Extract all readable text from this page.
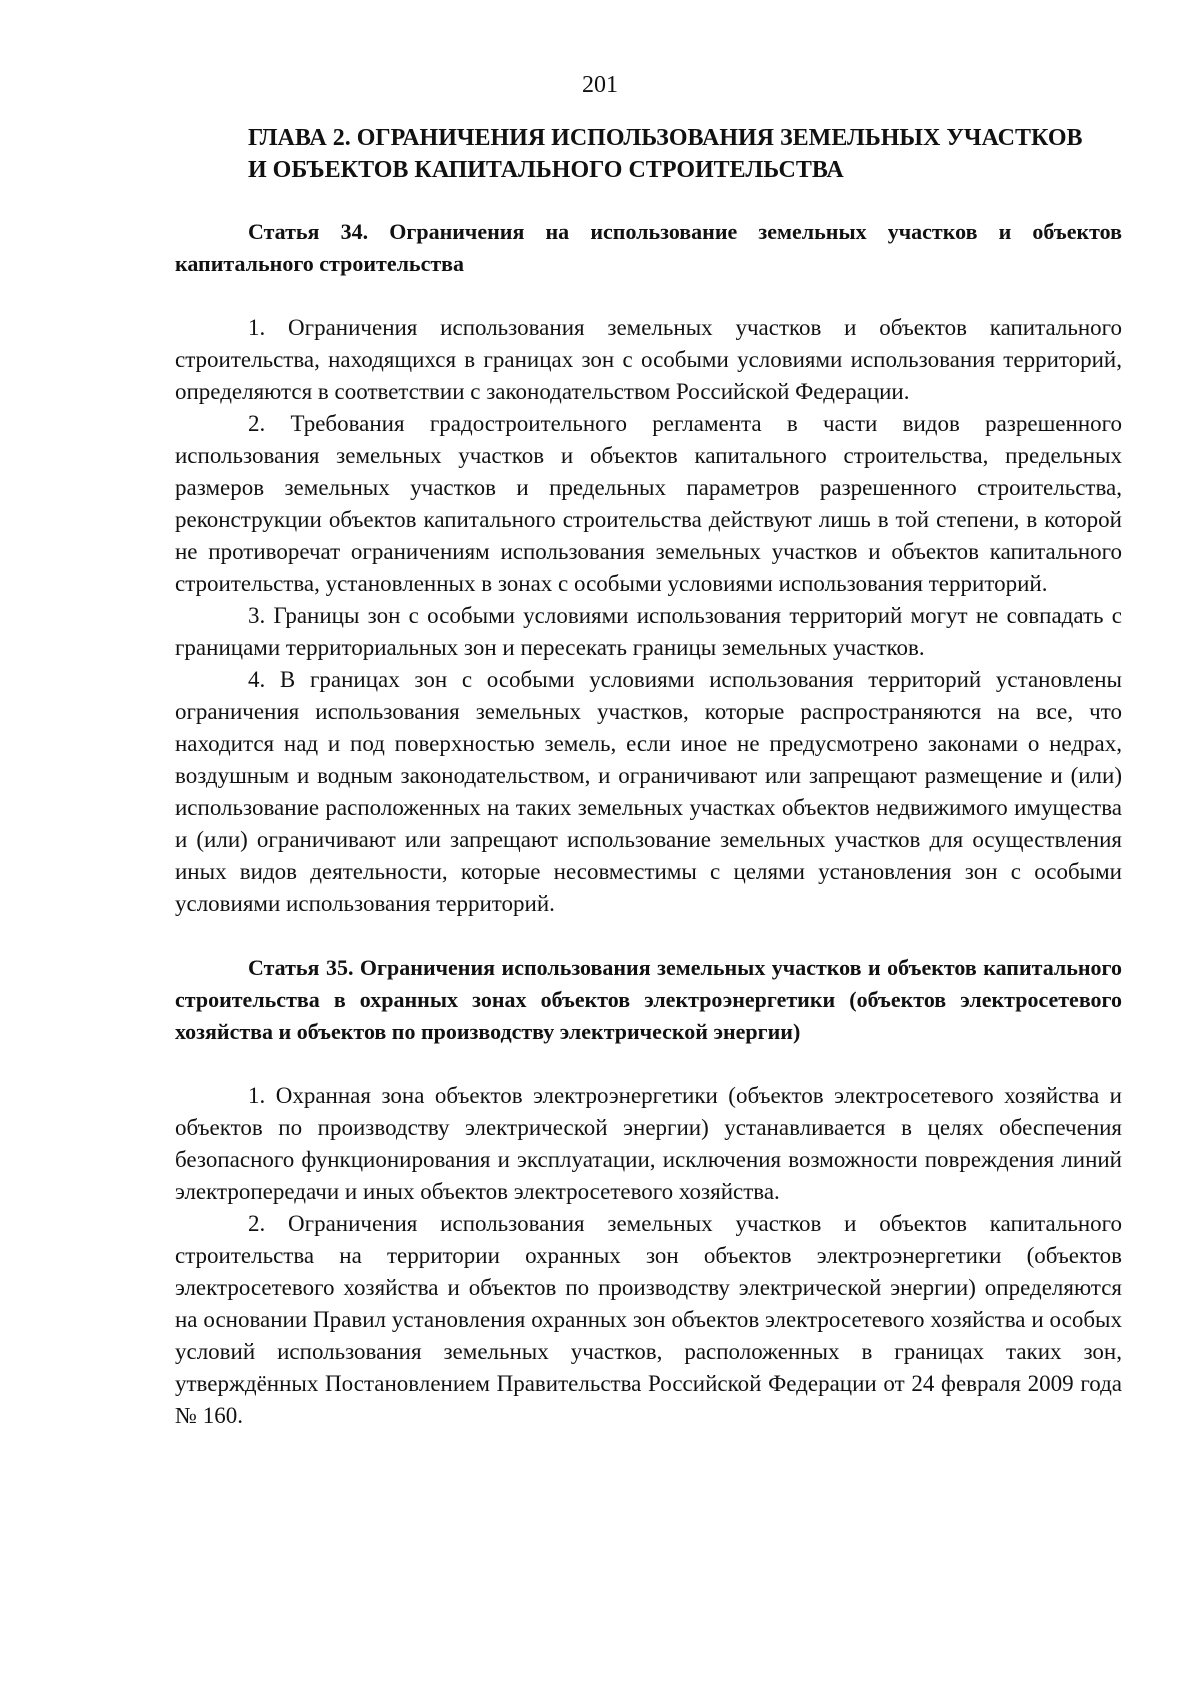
201
ГЛАВА 2. ОГРАНИЧЕНИЯ ИСПОЛЬЗОВАНИЯ ЗЕМЕЛЬНЫХ УЧАСТКОВ
И ОБЪЕКТОВ КАПИТАЛЬНОГО СТРОИТЕЛЬСТВА
Статья 34. Ограничения на использование земельных участков и объектов капитального строительства

1. Ограничения использования земельных участков и объектов капитального строительства, находящихся в границах зон с особыми условиями использования территорий, определяются в соответствии с законодательством Российской Федерации.

2. Требования градостроительного регламента в части видов разрешенного использования земельных участков и объектов капитального строительства, предельных размеров земельных участков и предельных параметров разрешенного строительства, реконструкции объектов капитального строительства действуют лишь в той степени, в которой не противоречат ограничениям использования земельных участков и объектов капитального строительства, установленных в зонах с особыми условиями использования территорий.

3. Границы зон с особыми условиями использования территорий могут не совпадать с границами территориальных зон и пересекать границы земельных участков.

4. В границах зон с особыми условиями использования территорий установлены ограничения использования земельных участков, которые распространяются на все, что находится над и под поверхностью земель, если иное не предусмотрено законами о недрах, воздушным и водным законодательством, и ограничивают или запрещают размещение и (или) использование расположенных на таких земельных участках объектов недвижимого имущества и (или) ограничивают или запрещают использование земельных участков для осуществления иных видов деятельности, которые несовместимы с целями установления зон с особыми условиями использования территорий.

Статья 35. Ограничения использования земельных участков и объектов капитального строительства в охранных зонах объектов электроэнергетики (объектов электросетевого хозяйства и объектов по производству электрической энергии)

1. Охранная зона объектов электроэнергетики (объектов электросетевого хозяйства и объектов по производству электрической энергии) устанавливается в целях обеспечения безопасного функционирования и эксплуатации, исключения возможности повреждения линий электропередачи и иных объектов электросетевого хозяйства.

2. Ограничения использования земельных участков и объектов капитального строительства на территории охранных зон объектов электроэнергетики (объектов электросетевого хозяйства и объектов по производству электрической энергии) определяются на основании Правил установления охранных зон объектов электросетевого хозяйства и особых условий использования земельных участков, расположенных в границах таких зон, утверждённых Постановлением Правительства Российской Федерации от 24 февраля 2009 года № 160.
